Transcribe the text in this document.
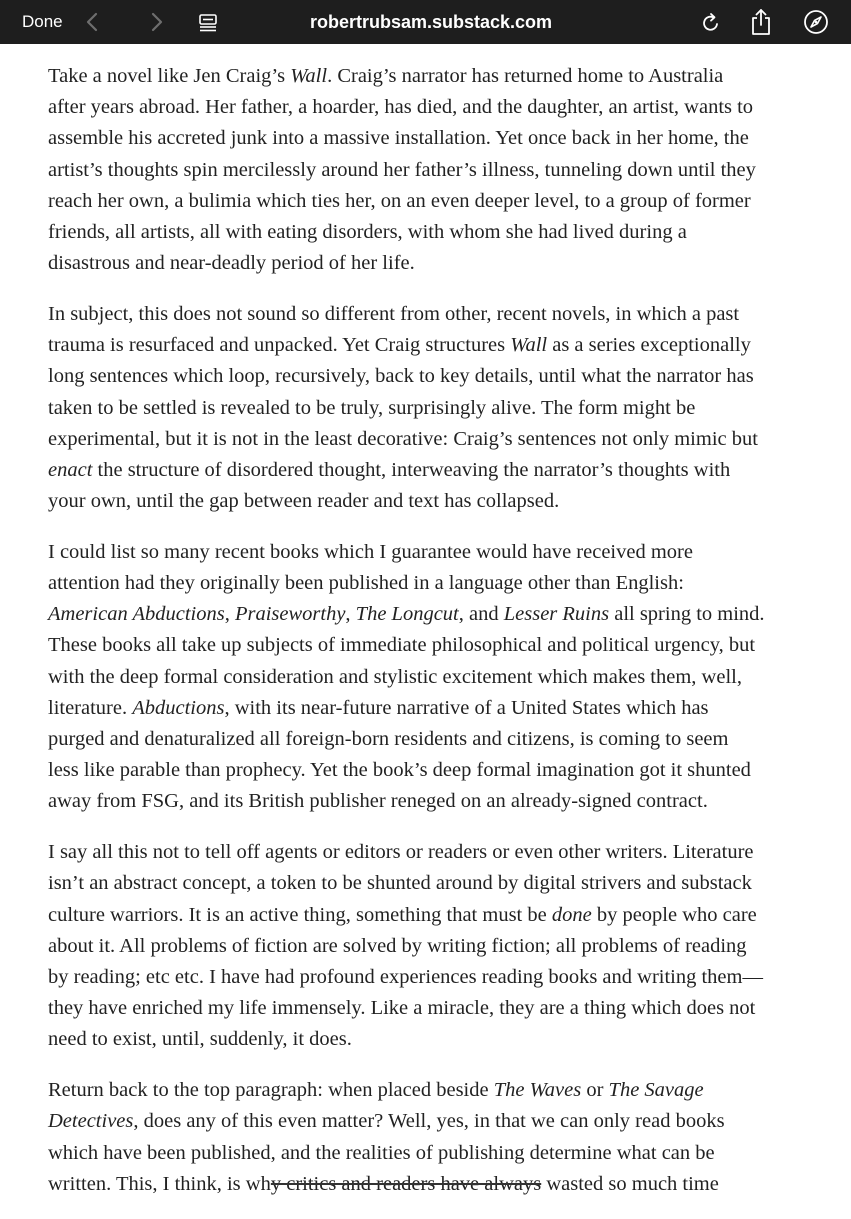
Done	robertrubsam.substack.com

Take a novel like Jen Craig’s Wall. Craig’s narrator has returned home to Australia
after years abroad. Her father, a hoarder, has died, and the daughter, an artist, wants to
assemble his accreted junk into a massive installation. Yet once back in her home, the
artist’s thoughts spin mercilessly around her father’s illness, tunneling down until they
reach her own, a bulimia which ties her, on an even deeper level, to a group of former
friends, all artists, all with eating disorders, with whom she had lived during a
disastrous and near-deadly period of her life.

In subject, this does not sound so different from other, recent novels, in which a past
trauma is resurfaced and unpacked. Yet Craig structures Wall as a series exceptionally
long sentences which loop, recursively, back to key details, until what the narrator has
taken to be settled is revealed to be truly, surprisingly alive. The form might be
experimental, but it is not in the least decorative: Craig’s sentences not only mimic but
enact the structure of disordered thought, interweaving the narrator’s thoughts with
your own, until the gap between reader and text has collapsed.

I could list so many recent books which I guarantee would have received more
attention had they originally been published in a language other than English:
American Abductions, Praiseworthy, The Longcut, and Lesser Ruins all spring to mind.
These books all take up subjects of immediate philosophical and political urgency, but
with the deep formal consideration and stylistic excitement which makes them, well,
literature. Abductions, with its near-future narrative of a United States which has
purged and denaturalized all foreign-born residents and citizens, is coming to seem
less like parable than prophecy. Yet the book’s deep formal imagination got it shunted
away from FSG, and its British publisher reneged on an already-signed contract.

I say all this not to tell off agents or editors or readers or even other writers. Literature
isn’t an abstract concept, a token to be shunted around by digital strivers and substack
culture warriors. It is an active thing, something that must be done by people who care
about it. All problems of fiction are solved by writing fiction; all problems of reading
by reading; etc etc. I have had profound experiences reading books and writing them—
they have enriched my life immensely. Like a miracle, they are a thing which does not
need to exist, until, suddenly, it does.

Return back to the top paragraph: when placed beside The Waves or The Savage
Detectives, does any of this even matter? Well, yes, in that we can only read books
which have been published, and the realities of publishing determine what can be
written. This, I think, is why critics and readers have always wasted so much time
